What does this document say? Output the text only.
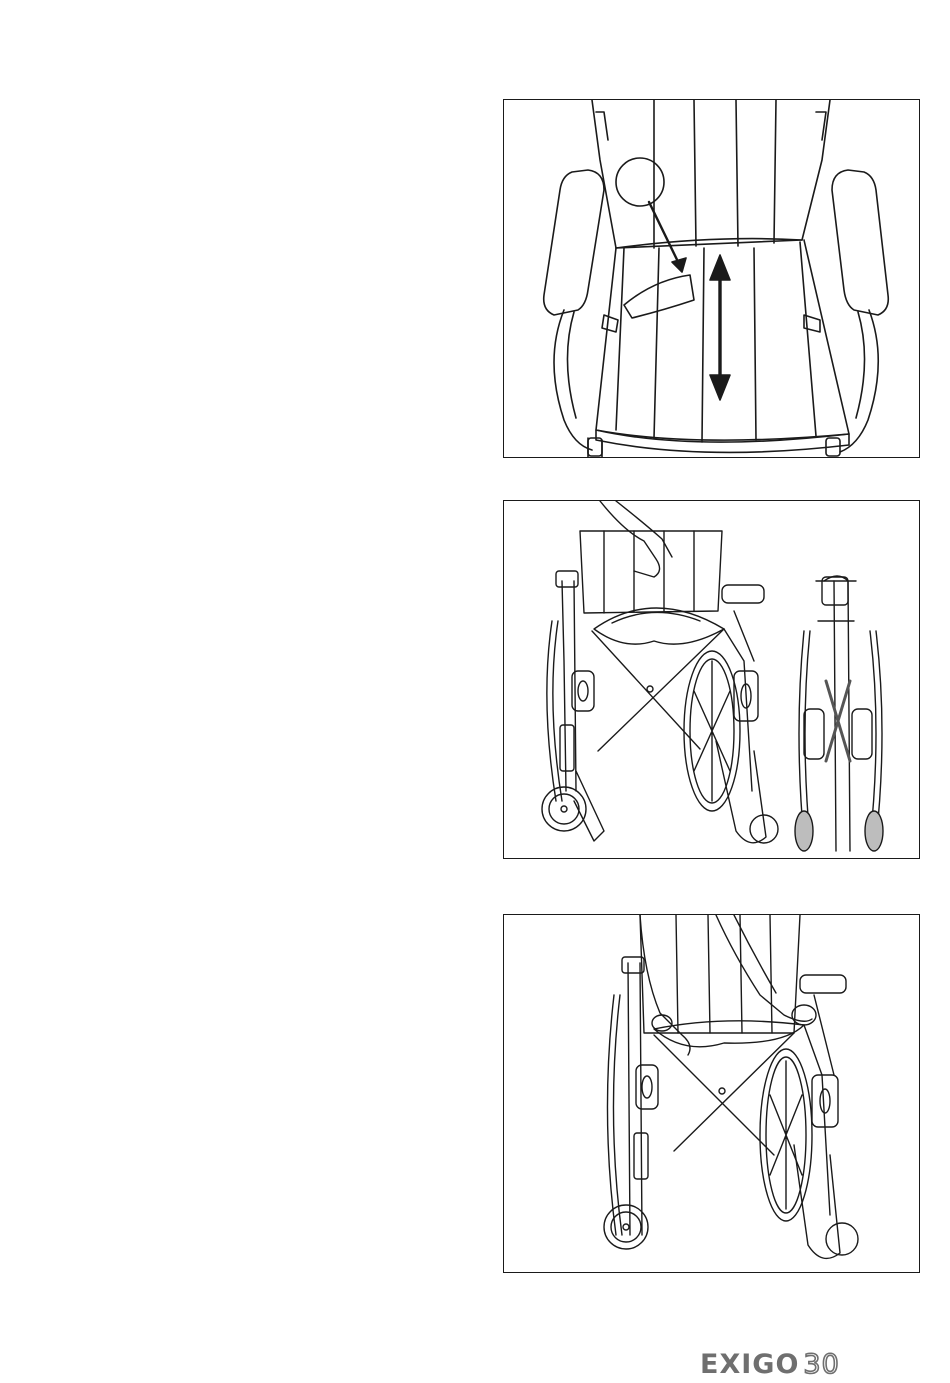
EXIGO 30
